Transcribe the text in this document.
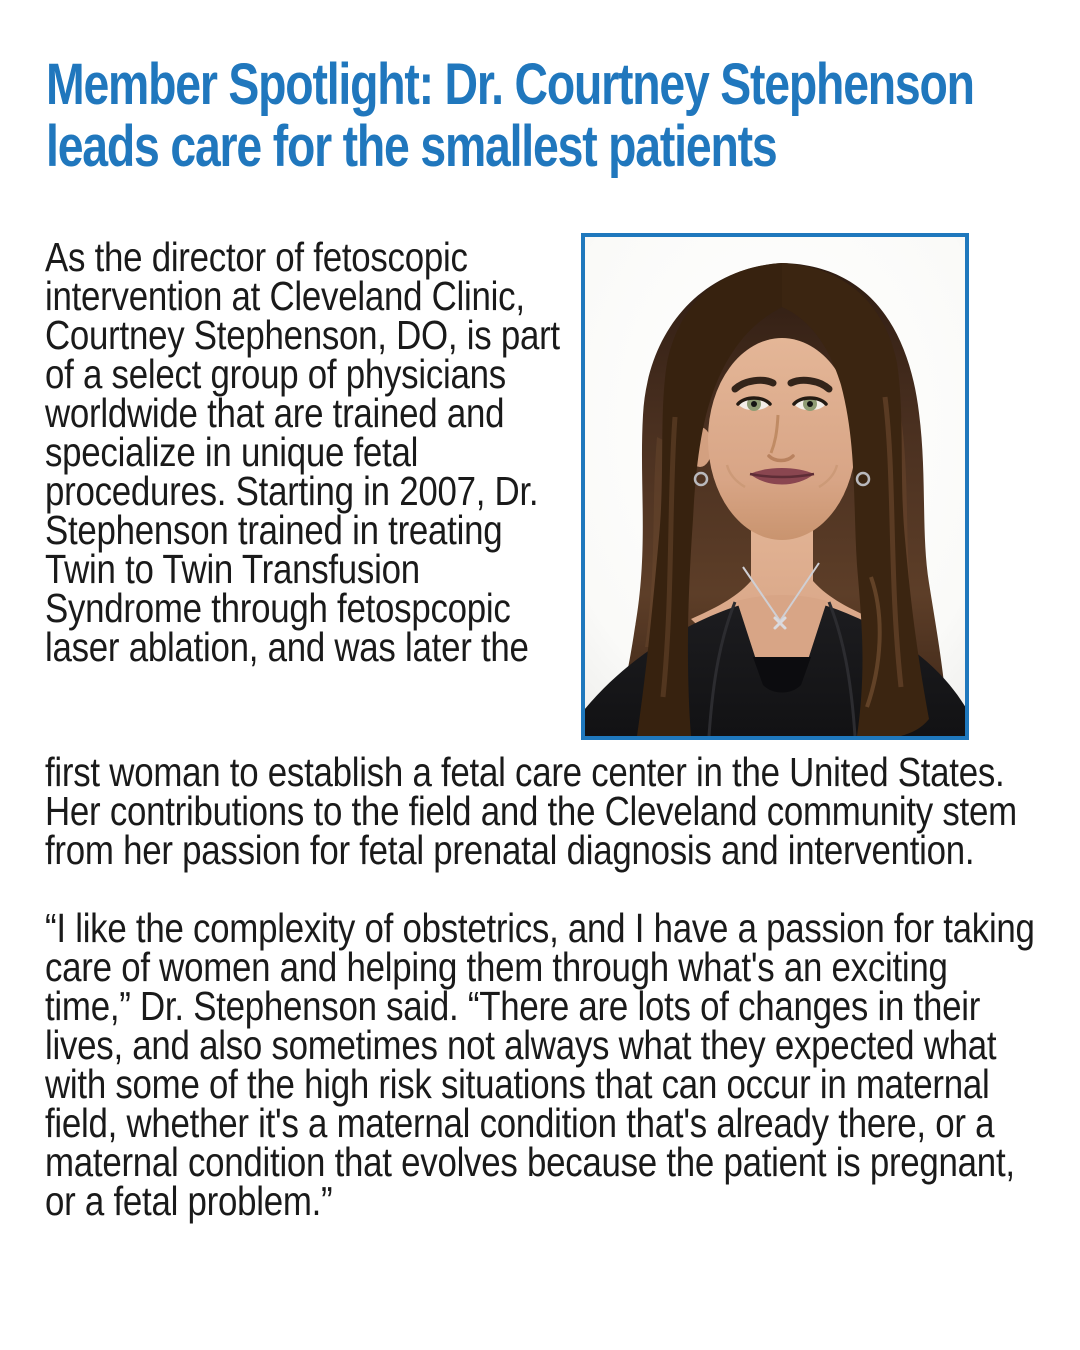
Member Spotlight: Dr. Courtney Stephenson
leads care for the smallest patients

As the director of fetoscopic intervention at Cleveland Clinic, Courtney Stephenson, DO, is part of a select group of physicians worldwide that are trained and specialize in unique fetal procedures. Starting in 2007, Dr. Stephenson trained in treating Twin to Twin Transfusion Syndrome through fetospcopic laser ablation, and was later the

first woman to establish a fetal care center in the United States. Her contributions to the field and the Cleveland community stem from her passion for fetal prenatal diagnosis and intervention.

“I like the complexity of obstetrics, and I have a passion for taking care of women and helping them through what's an exciting time,” Dr. Stephenson said. “There are lots of changes in their lives, and also sometimes not always what they expected what with some of the high risk situations that can occur in maternal field, whether it's a maternal condition that's already there, or a maternal condition that evolves because the patient is pregnant, or a fetal problem.”
